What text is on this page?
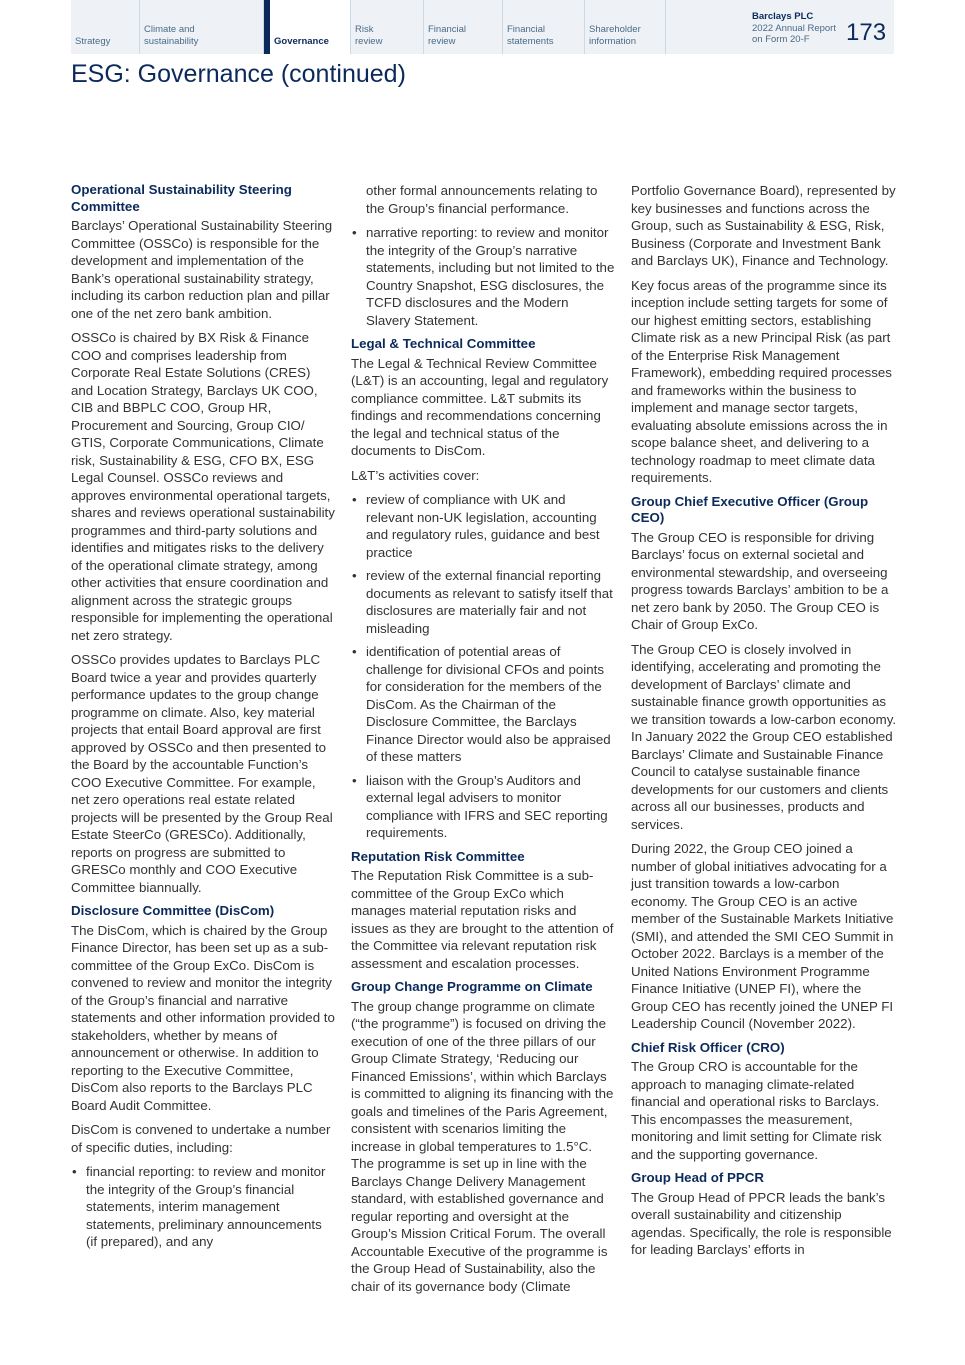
Strategy
Climate and
sustainability	Governance
Risk
review
Financial
review
Financial
statements
Shareholder
information
Barclays PLC
2022 Annual Report
on Form 20-F	173
ESG: Governance (continued)
Operational Sustainability Steering Committee

Barclays’ Operational Sustainability Steering Committee (OSSCo) is responsible for the development and implementation of the Bank’s operational sustainability strategy, including its carbon reduction plan and pillar one of the net zero bank ambition.

OSSCo is chaired by BX Risk & Finance COO and comprises leadership from Corporate Real Estate Solutions (CRES) and Location Strategy, Barclays UK COO, CIB and BBPLC COO, Group HR, Procurement and Sourcing, Group CIO/ GTIS, Corporate Communications, Climate risk, Sustainability & ESG, CFO BX, ESG Legal Counsel. OSSCo reviews and approves environmental operational targets, shares and reviews operational sustainability programmes and third-party solutions and identifies and mitigates risks to the delivery of the operational climate strategy, among other activities that ensure coordination and alignment across the strategic groups responsible for implementing the operational net zero strategy.

OSSCo provides updates to Barclays PLC Board twice a year and provides quarterly performance updates to the group change programme on climate. Also, key material projects that entail Board approval are first approved by OSSCo and then presented to the Board by the accountable Function’s COO Executive Committee. For example, net zero operations real estate related projects will be presented by the Group Real Estate SteerCo (GRESCo). Additionally, reports on progress are submitted to GRESCo monthly and COO Executive Committee biannually.

Disclosure Committee (DisCom)

The DisCom, which is chaired by the Group Finance Director, has been set up as a sub-committee of the Group ExCo. DisCom is convened to review and monitor the integrity of the Group’s financial and narrative statements and other information provided to stakeholders, whether by means of announcement or otherwise. In addition to reporting to the Executive Committee, DisCom also reports to the Barclays PLC Board Audit Committee.

DisCom is convened to undertake a number of specific duties, including:

• financial reporting: to review and monitor the integrity of the Group’s financial statements, interim management statements, preliminary announcements (if prepared), and any

other formal announcements relating to the Group’s financial performance.

• narrative reporting: to review and monitor the integrity of the Group’s narrative statements, including but not limited to the Country Snapshot, ESG disclosures, the TCFD disclosures and the Modern Slavery Statement.
Legal & Technical Committee

The Legal & Technical Review Committee (L&T) is an accounting, legal and regulatory compliance committee. L&T submits its findings and recommendations concerning the legal and technical status of the documents to DisCom.

L&T’s activities cover:

• review of compliance with UK and relevant non-UK legislation, accounting and regulatory rules, guidance and best practice
• review of the external financial reporting documents as relevant to satisfy itself that disclosures are materially fair and not misleading
• identification of potential areas of challenge for divisional CFOs and points for consideration for the members of the DisCom. As the Chairman of the Disclosure Committee, the Barclays Finance Director would also be appraised of these matters
• liaison with the Group’s Auditors and external legal advisers to monitor compliance with IFRS and SEC reporting requirements.
Reputation Risk Committee

The Reputation Risk Committee is a sub-committee of the Group ExCo which manages material reputation risks and issues as they are brought to the attention of the Committee via relevant reputation risk assessment and escalation processes.

Group Change Programme on Climate

The group change programme on climate (“the programme”) is focused on driving the execution of one of the three pillars of our Group Climate Strategy, ‘Reducing our Financed Emissions’, within which Barclays is committed to aligning its financing with the goals and timelines of the Paris Agreement, consistent with scenarios limiting the increase in global temperatures to 1.5°C. The programme is set up in line with the Barclays Change Delivery Management standard, with established governance and regular reporting and oversight at the Group’s Mission Critical Forum. The overall Accountable Executive of the programme is the Group Head of Sustainability, also the chair of its governance body (Climate

Portfolio Governance Board), represented by key businesses and functions across the Group, such as Sustainability & ESG, Risk, Business (Corporate and Investment Bank and Barclays UK), Finance and Technology.

Key focus areas of the programme since its inception include setting targets for some of our highest emitting sectors, establishing Climate risk as a new Principal Risk (as part of the Enterprise Risk Management Framework), embedding required processes and frameworks within the business to implement and manage sector targets, evaluating absolute emissions across the in scope balance sheet, and delivering to a technology roadmap to meet climate data requirements.

Group Chief Executive Officer (Group CEO)

The Group CEO is responsible for driving Barclays’ focus on external societal and environmental stewardship, and overseeing progress towards Barclays’ ambition to be a net zero bank by 2050. The Group CEO is Chair of Group ExCo.

The Group CEO is closely involved in identifying, accelerating and promoting the development of Barclays’ climate and sustainable finance growth opportunities as we transition towards a low-carbon economy. In January 2022 the Group CEO established Barclays’ Climate and Sustainable Finance Council to catalyse sustainable finance developments for our customers and clients across all our businesses, products and services.

During 2022, the Group CEO joined a number of global initiatives advocating for a just transition towards a low-carbon economy. The Group CEO is an active member of the Sustainable Markets Initiative (SMI), and attended the SMI CEO Summit in October 2022. Barclays is a member of the United Nations Environment Programme Finance Initiative (UNEP FI), where the Group CEO has recently joined the UNEP FI Leadership Council (November 2022).

Chief Risk Officer (CRO)

The Group CRO is accountable for the approach to managing climate-related financial and operational risks to Barclays. This encompasses the measurement, monitoring and limit setting for Climate risk and the supporting governance.

Group Head of PPCR

The Group Head of PPCR leads the bank’s overall sustainability and citizenship agendas. Specifically, the role is responsible for leading Barclays’ efforts in
